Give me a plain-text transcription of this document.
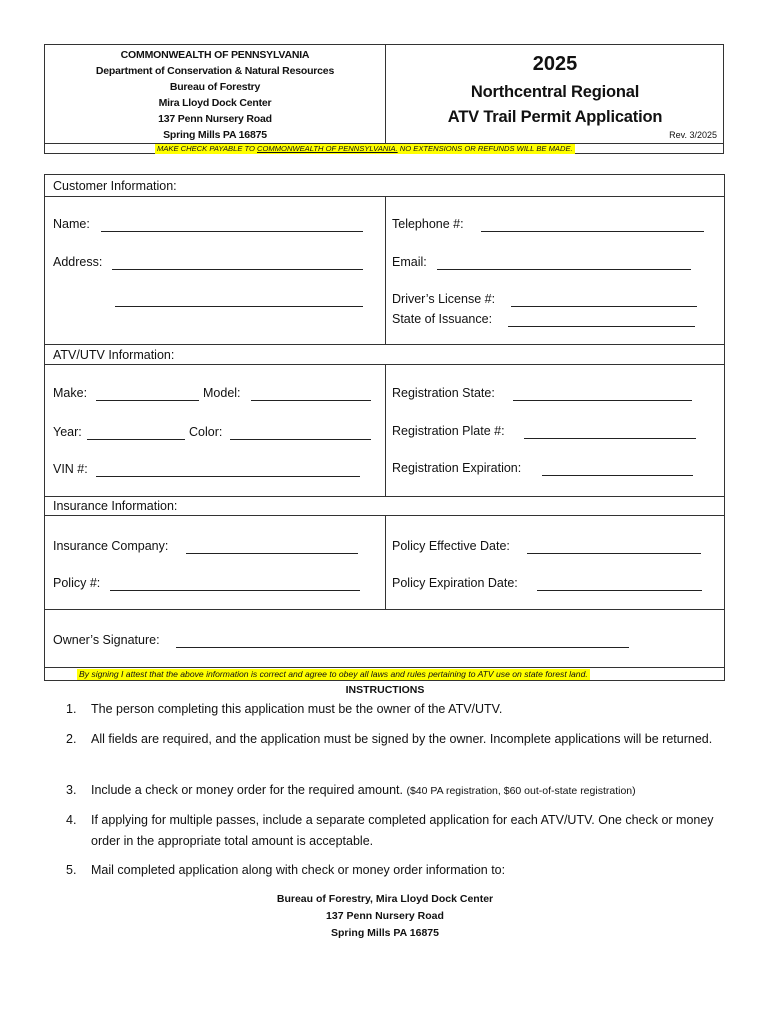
COMMONWEALTH OF PENNSYLVANIA
Department of Conservation & Natural Resources
Bureau of Forestry
Mira Lloyd Dock Center
137 Penn Nursery Road
Spring Mills PA 16875
2025
Northcentral Regional
ATV Trail Permit Application
Rev. 3/2025
MAKE CHECK PAYABLE TO COMMONWEALTH OF PENNSYLVANIA. NO EXTENSIONS OR REFUNDS WILL BE MADE.
Customer Information:
Name:
Address:
Telephone #:
Email:
Driver’s License #:
State of Issuance:
ATV/UTV Information:
Make:	Model:
Year:	Color:
VIN #:
Registration State:
Registration Plate #:
Registration Expiration:
Insurance Information:
Insurance Company:
Policy #:
Policy Effective Date:
Policy Expiration Date:
Owner’s Signature:
By signing I attest that the above information is correct and agree to obey all laws and rules pertaining to ATV use on state forest land.
INSTRUCTIONS
1. The person completing this application must be the owner of the ATV/UTV.
2. All fields are required, and the application must be signed by the owner. Incomplete applications will be returned.
3. Include a check or money order for the required amount. ($40 PA registration, $60 out-of-state registration)
4. If applying for multiple passes, include a separate completed application for each ATV/UTV. One check or money order in the appropriate total amount is acceptable.
5. Mail completed application along with check or money order information to:
Bureau of Forestry, Mira Lloyd Dock Center
137 Penn Nursery Road
Spring Mills PA 16875
